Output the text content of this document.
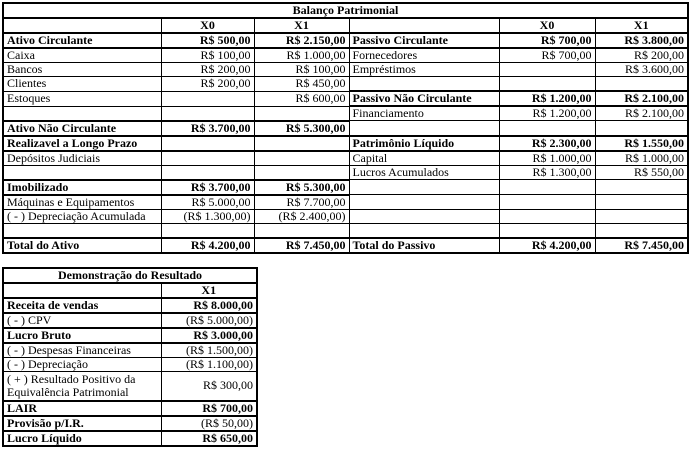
Balanço Patrimonial					
	X0	X1		X0	X1
Ativo Circulante	R$ 500,00	R$ 2.150,00	Passivo Circulante	R$ 700,00	R$ 3.800,00
Caixa	R$ 100,00	R$ 1.000,00	Fornecedores	R$ 700,00	R$ 200,00
Bancos	R$ 200,00	R$ 100,00	Empréstimos		R$ 3.600,00
Clientes	R$ 200,00	R$ 450,00			
Estoques		R$ 600,00	Passivo Não Circulante	R$ 1.200,00	R$ 2.100,00
			Financiamento	R$ 1.200,00	R$ 2.100,00
Ativo Não Circulante	R$ 3.700,00	R$ 5.300,00			
Realizavel a Longo Prazo			Patrimônio Líquido	R$ 2.300,00	R$ 1.550,00
Depósitos Judiciais			Capital	R$ 1.000,00	R$ 1.000,00
			Lucros Acumulados	R$ 1.300,00	R$ 550,00
Imobilizado	R$ 3.700,00	R$ 5.300,00			
Máquinas e Equipamentos	R$ 5.000,00	R$ 7.700,00			
( - ) Depreciação Acumulada	(R$ 1.300,00)	(R$ 2.400,00)			

Total do Ativo	R$ 4.200,00	R$ 7.450,00	Total do Passivo	R$ 4.200,00	R$ 7.450,00
Demonstração do Resultado	
	X1
Receita de vendas	R$ 8.000,00
( - ) CPV	(R$ 5.000,00)
Lucro Bruto	R$ 3.000,00
( - ) Despesas Financeiras	(R$ 1.500,00)
( - ) Depreciação	(R$ 1.100,00)
( + ) Resultado Positivo da Equivalência Patrimonial	R$ 300,00
LAIR	R$ 700,00
Provisão p/I.R.	(R$ 50,00)
Lucro Líquido	R$ 650,00
